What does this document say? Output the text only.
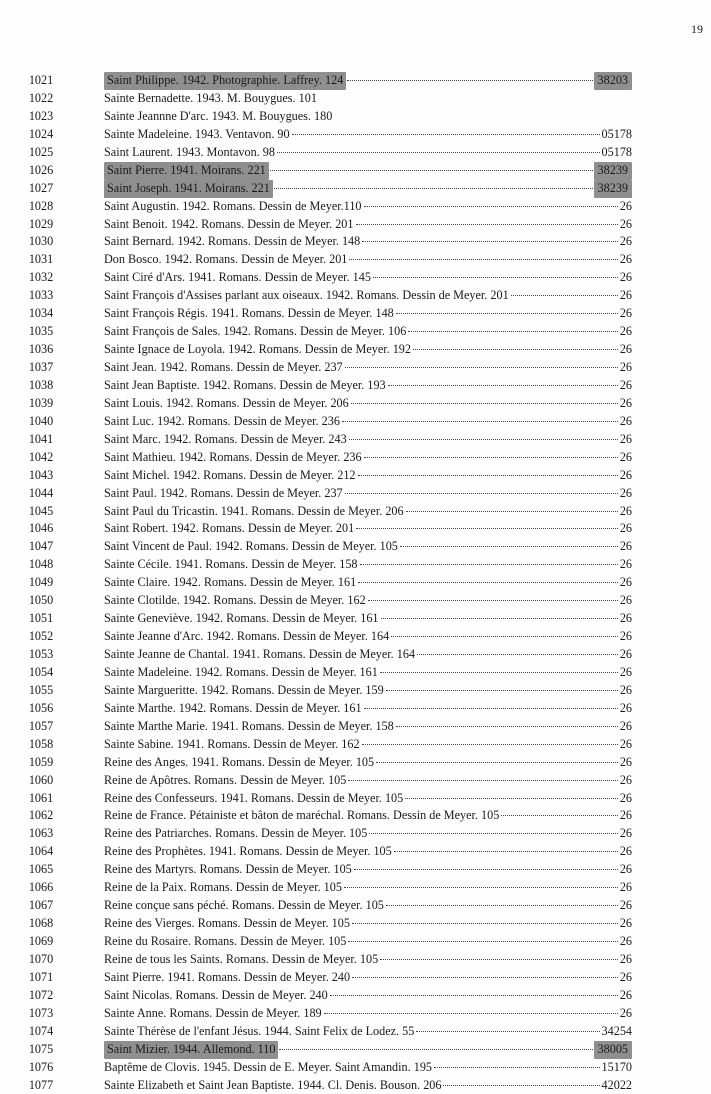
19
1021	Saint Philippe. 1942. Photographie. Laffrey. 124	38203
1022	Sainte Bernadette. 1943. M. Bouygues. 101
1023	Sainte Jeannne D'arc. 1943. M. Bouygues. 180
1024	Sainte Madeleine. 1943. Ventavon. 90	05178
1025	Saint Laurent. 1943. Montavon. 98	05178
1026	Saint Pierre. 1941. Moirans. 221	38239
1027	Saint Joseph. 1941. Moirans. 221	38239
1028	Saint Augustin. 1942. Romans. Dessin de Meyer.110	26
1029	Saint Benoit. 1942. Romans. Dessin de Meyer. 201	26
1030	Saint Bernard. 1942. Romans. Dessin de Meyer. 148	26
1031	Don Bosco. 1942. Romans. Dessin de Meyer. 201	26
1032	Saint Ciré d'Ars. 1941. Romans. Dessin de Meyer. 145	26
1033	Saint François d'Assises parlant aux oiseaux. 1942. Romans. Dessin de Meyer. 201	26
1034	Saint François Régis. 1941. Romans. Dessin de Meyer. 148	26
1035	Saint François de Sales. 1942. Romans. Dessin de Meyer. 106	26
1036	Sainte Ignace de Loyola. 1942. Romans. Dessin de Meyer. 192	26
1037	Saint Jean. 1942. Romans. Dessin de Meyer. 237	26
1038	Saint Jean Baptiste. 1942. Romans. Dessin de Meyer. 193	26
1039	Saint Louis. 1942. Romans. Dessin de Meyer. 206	26
1040	Saint Luc. 1942. Romans. Dessin de Meyer. 236	26
1041	Saint Marc. 1942. Romans. Dessin de Meyer. 243	26
1042	Saint Mathieu. 1942. Romans. Dessin de Meyer. 236	26
1043	Saint Michel. 1942. Romans. Dessin de Meyer. 212	26
1044	Saint Paul. 1942. Romans. Dessin de Meyer. 237	26
1045	Saint Paul du Tricastin. 1941. Romans. Dessin de Meyer. 206	26
1046	Saint Robert. 1942. Romans. Dessin de Meyer. 201	26
1047	Saint Vincent de Paul. 1942. Romans. Dessin de Meyer. 105	26
1048	Sainte Cécile. 1941. Romans. Dessin de Meyer. 158	26
1049	Sainte Claire. 1942. Romans. Dessin de Meyer. 161	26
1050	Sainte Clotilde. 1942. Romans. Dessin de Meyer. 162	26
1051	Sainte Geneviève. 1942. Romans. Dessin de Meyer. 161	26
1052	Sainte Jeanne d'Arc. 1942. Romans. Dessin de Meyer. 164	26
1053	Sainte Jeanne de Chantal. 1941. Romans. Dessin de Meyer. 164	26
1054	Sainte Madeleine. 1942. Romans. Dessin de Meyer. 161	26
1055	Sainte Margueritte. 1942. Romans. Dessin de Meyer. 159	26
1056	Sainte Marthe. 1942. Romans. Dessin de Meyer. 161	26
1057	Sainte Marthe Marie. 1941. Romans. Dessin de Meyer. 158	26
1058	Sainte Sabine. 1941. Romans. Dessin de Meyer. 162	26
1059	Reine des Anges. 1941. Romans. Dessin de Meyer. 105	26
1060	Reine de Apôtres. Romans. Dessin de Meyer. 105	26
1061	Reine des Confesseurs. 1941. Romans. Dessin de Meyer. 105	26
1062	Reine de France. Pétainiste et bâton de maréchal. Romans. Dessin de Meyer. 105	26
1063	Reine des Patriarches. Romans. Dessin de Meyer. 105	26
1064	Reine des Prophètes. 1941. Romans. Dessin de Meyer. 105	26
1065	Reine des Martyrs. Romans. Dessin de Meyer. 105	26
1066	Reine de la Paix. Romans. Dessin de Meyer. 105	26
1067	Reine conçue sans péché. Romans. Dessin de Meyer. 105	26
1068	Reine des Vierges. Romans. Dessin de Meyer. 105	26
1069	Reine du Rosaire. Romans. Dessin de Meyer. 105	26
1070	Reine de tous les Saints. Romans. Dessin de Meyer. 105	26
1071	Saint Pierre. 1941. Romans. Dessin de Meyer. 240	26
1072	Saint Nicolas. Romans. Dessin de Meyer. 240	26
1073	Sainte Anne. Romans. Dessin de Meyer. 189	26
1074	Sainte Thérèse de l'enfant Jésus. 1944. Saint Felix de Lodez. 55	34254
1075	Saint Mizier. 1944. Allemond. 110	38005
1076	Baptême de Clovis. 1945. Dessin de E. Meyer. Saint Amandin. 195	15170
1077	Sainte Elizabeth et Saint Jean Baptiste. 1944. Cl. Denis. Bouson. 206	42022
